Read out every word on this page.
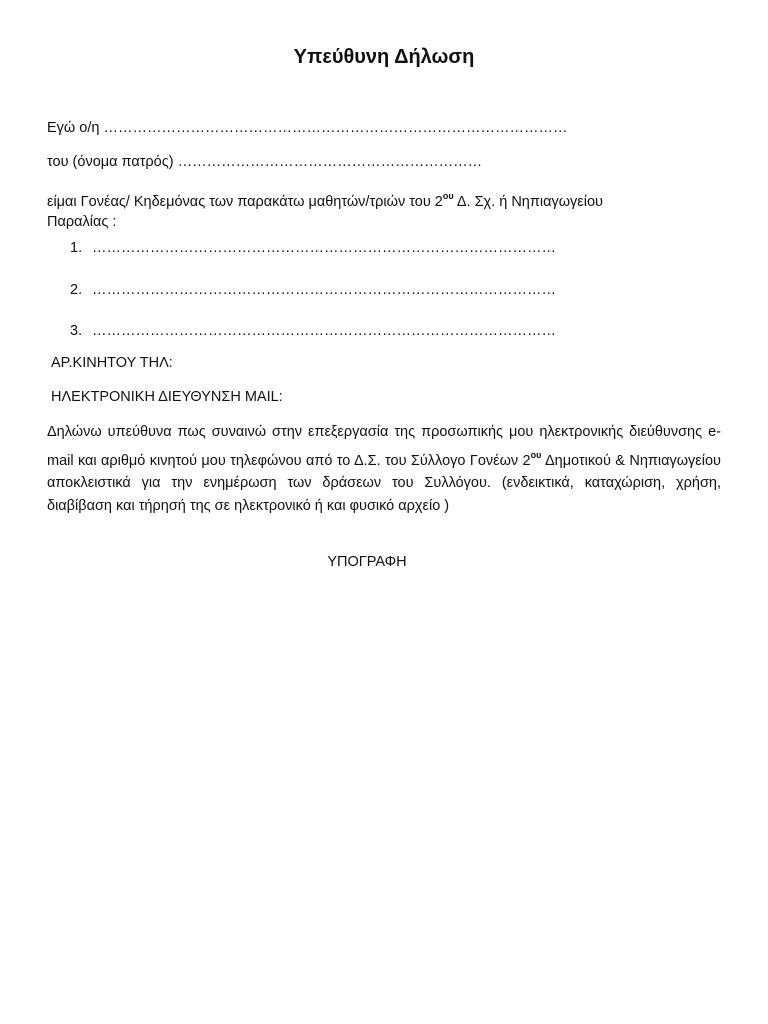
Υπεύθυνη Δήλωση
Εγώ ο/η ……………………………………………………………………………………
του (όνομα πατρός) ………………………………………………………
είμαι Γονέας/ Κηδεμόνας των παρακάτω μαθητών/τριών του $2^{o\upsilon}$ Δ. Σχ. ή Νηπιαγωγείου
Παραλίας :
1. ……………………………………………………………………………………
2. ……………………………………………………………………………………
3. ……………………………………………………………………………………
ΑΡ.ΚΙΝΗΤΟΥ ΤΗΛ:
ΗΛΕΚΤΡΟΝΙΚΗ ΔΙΕΥΘΥΝΣΗ MAIL:
Δηλώνω υπεύθυνα πως συναινώ στην επεξεργασία της προσωπικής μου ηλεκτρονικής διεύθυνσης e-mail και αριθμό κινητού μου τηλεφώνου από το Δ.Σ. του Σύλλογο Γονέων $2^{o\upsilon}$ Δημοτικού & Νηπιαγωγείου αποκλειστικά για την ενημέρωση των δράσεων του Συλλόγου. (ενδεικτικά, καταχώριση, χρήση, διαβίβαση και τήρησή της σε ηλεκτρονικό ή και φυσικό αρχείο )
ΥΠΟΓΡΑΦΗ
